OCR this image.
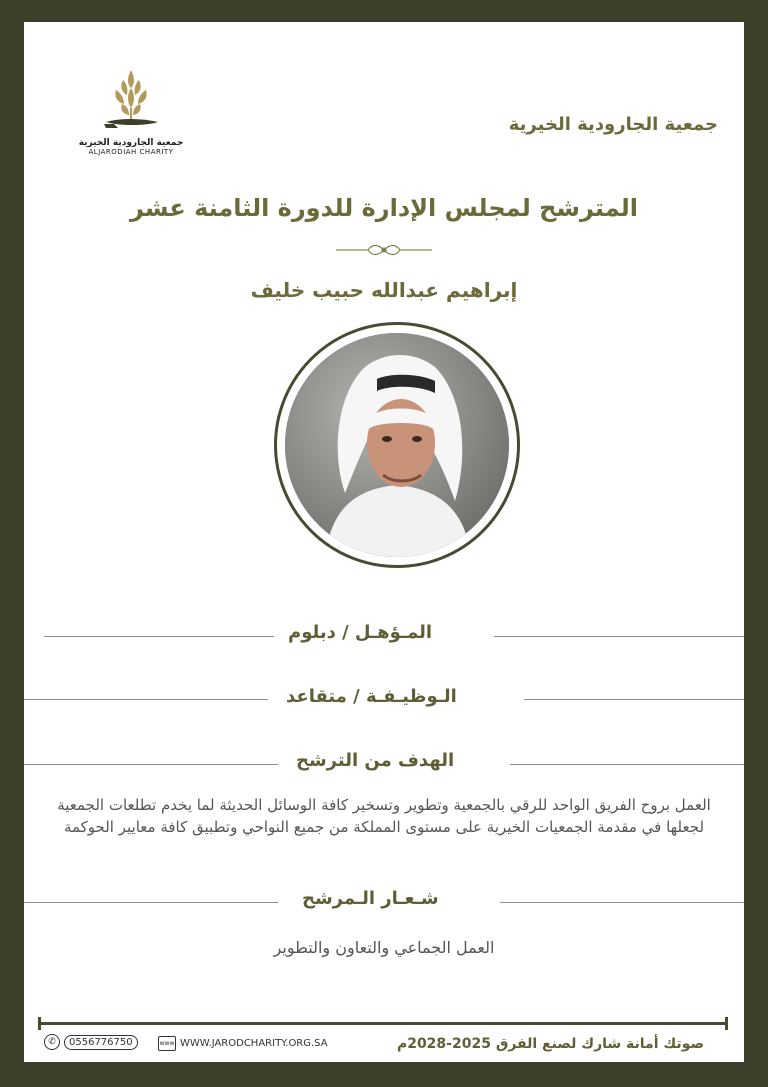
جمعية الجارودية الخيرية
ALJARODIAH CHARITY
جمعية الجارودية الخيرية
المترشح لمجلس الإدارة للدورة الثامنة عشر
إبراهيم عبدالله حبيب خليف
المـؤهـل / دبلوم
الـوظيـفـة / متقاعد
الهدف من الترشح
العمل بروح الفريق الواحد للرقي بالجمعية وتطوير وتسخير كافة الوسائل الحديثة لما يخدم تطلعات الجمعية لجعلها في مقدمة الجمعيات الخيرية على مستوى المملكة من جميع النواحي وتطبيق كافة معايير الحوكمة
شـعـار الـمرشح
العمل الجماعي والتعاون والتطوير
صوتك أمانة شارك لصنع الفرق 2025-2028م
www WWW.JARODCHARITY.ORG.SA
✆	0556776750
